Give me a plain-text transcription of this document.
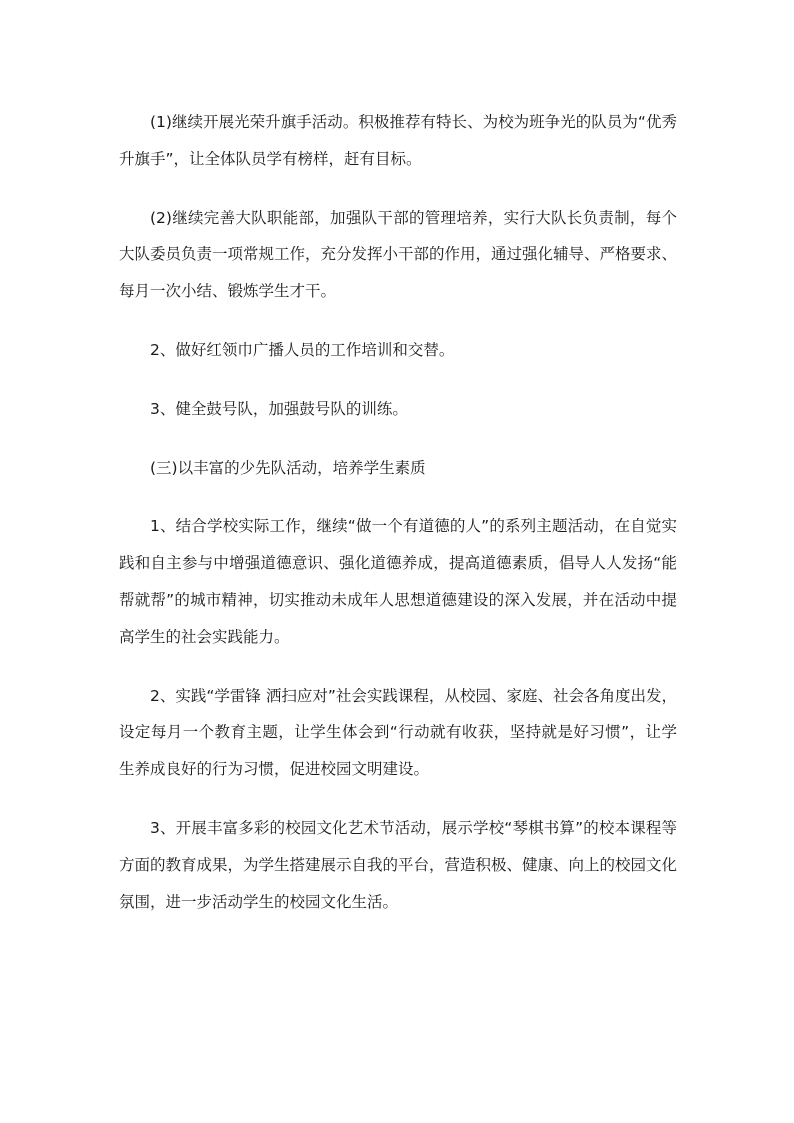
(1)继续开展光荣升旗手活动。积极推荐有特长、为校为班争光的队员为“优秀升旗手”，让全体队员学有榜样，赶有目标。

(2)继续完善大队职能部，加强队干部的管理培养，实行大队长负责制，每个大队委员负责一项常规工作，充分发挥小干部的作用，通过强化辅导、严格要求、每月一次小结、锻炼学生才干。

2、做好红领巾广播人员的工作培训和交替。

3、健全鼓号队，加强鼓号队的训练。

(三)以丰富的少先队活动，培养学生素质

1、结合学校实际工作，继续“做一个有道德的人”的系列主题活动，在自觉实践和自主参与中增强道德意识、强化道德养成，提高道德素质，倡导人人发扬“能帮就帮”的城市精神，切实推动未成年人思想道德建设的深入发展，并在活动中提高学生的社会实践能力。

2、实践“学雷锋 洒扫应对”社会实践课程，从校园、家庭、社会各角度出发，设定每月一个教育主题，让学生体会到“行动就有收获，坚持就是好习惯”，让学生养成良好的行为习惯，促进校园文明建设。

3、开展丰富多彩的校园文化艺术节活动，展示学校“琴棋书算”的校本课程等方面的教育成果，为学生搭建展示自我的平台，营造积极、健康、向上的校园文化氛围，进一步活动学生的校园文化生活。
